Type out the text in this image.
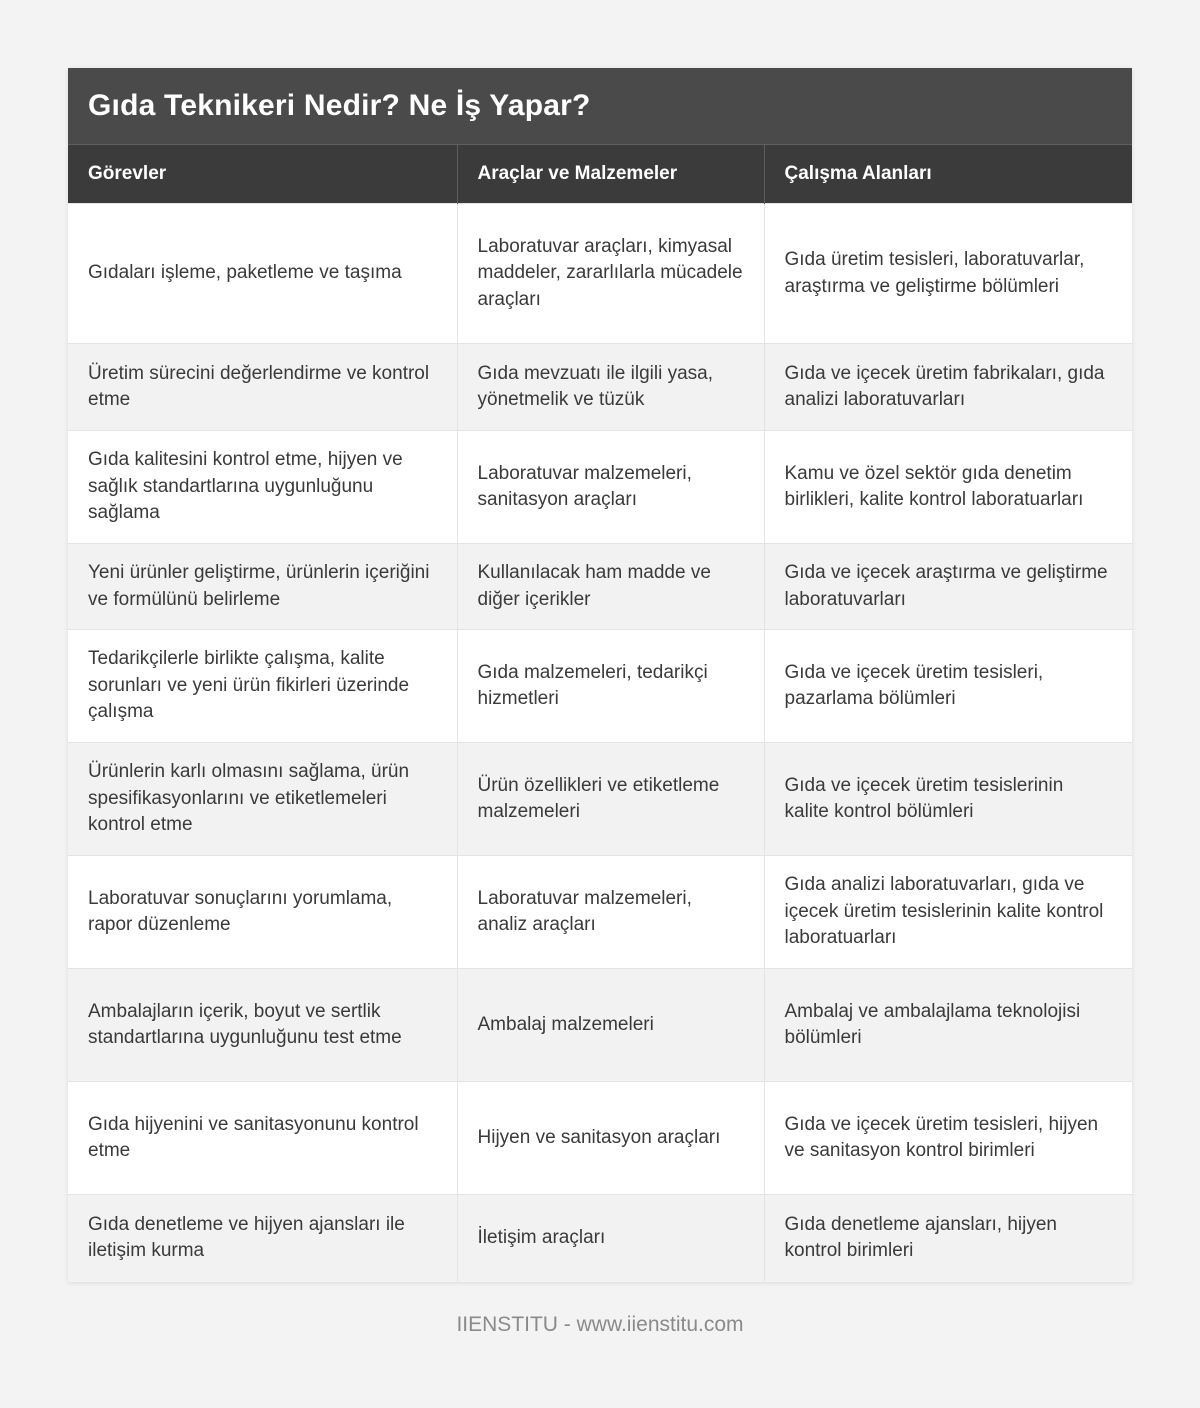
Gıda Teknikeri Nedir? Ne İş Yapar?
Görevler	Araçlar ve Malzemeler	Çalışma Alanları
Gıdaları işleme, paketleme ve taşıma	Laboratuvar araçları, kimyasal maddeler, zararlılarla mücadele araçları	Gıda üretim tesisleri, laboratuvarlar, araştırma ve geliştirme bölümleri
Üretim sürecini değerlendirme ve kontrol etme	Gıda mevzuatı ile ilgili yasa, yönetmelik ve tüzük	Gıda ve içecek üretim fabrikaları, gıda analizi laboratuvarları
Gıda kalitesini kontrol etme, hijyen ve sağlık standartlarına uygunluğunu sağlama	Laboratuvar malzemeleri, sanitasyon araçları	Kamu ve özel sektör gıda denetim birlikleri, kalite kontrol laboratuarları
Yeni ürünler geliştirme, ürünlerin içeriğini ve formülünü belirleme	Kullanılacak ham madde ve diğer içerikler	Gıda ve içecek araştırma ve geliştirme laboratuvarları
Tedarikçilerle birlikte çalışma, kalite sorunları ve yeni ürün fikirleri üzerinde çalışma	Gıda malzemeleri, tedarikçi hizmetleri	Gıda ve içecek üretim tesisleri, pazarlama bölümleri
Ürünlerin karlı olmasını sağlama, ürün spesifikasyonlarını ve etiketlemeleri kontrol etme	Ürün özellikleri ve etiketleme malzemeleri	Gıda ve içecek üretim tesislerinin kalite kontrol bölümleri
Laboratuvar sonuçlarını yorumlama, rapor düzenleme	Laboratuvar malzemeleri, analiz araçları	Gıda analizi laboratuvarları, gıda ve içecek üretim tesislerinin kalite kontrol laboratuarları
Ambalajların içerik, boyut ve sertlik standartlarına uygunluğunu test etme	Ambalaj malzemeleri	Ambalaj ve ambalajlama teknolojisi bölümleri
Gıda hijyenini ve sanitasyonunu kontrol etme	Hijyen ve sanitasyon araçları	Gıda ve içecek üretim tesisleri, hijyen ve sanitasyon kontrol birimleri
Gıda denetleme ve hijyen ajansları ile iletişim kurma	İletişim araçları	Gıda denetleme ajansları, hijyen kontrol birimleri
IIENSTITU - www.iienstitu.com
